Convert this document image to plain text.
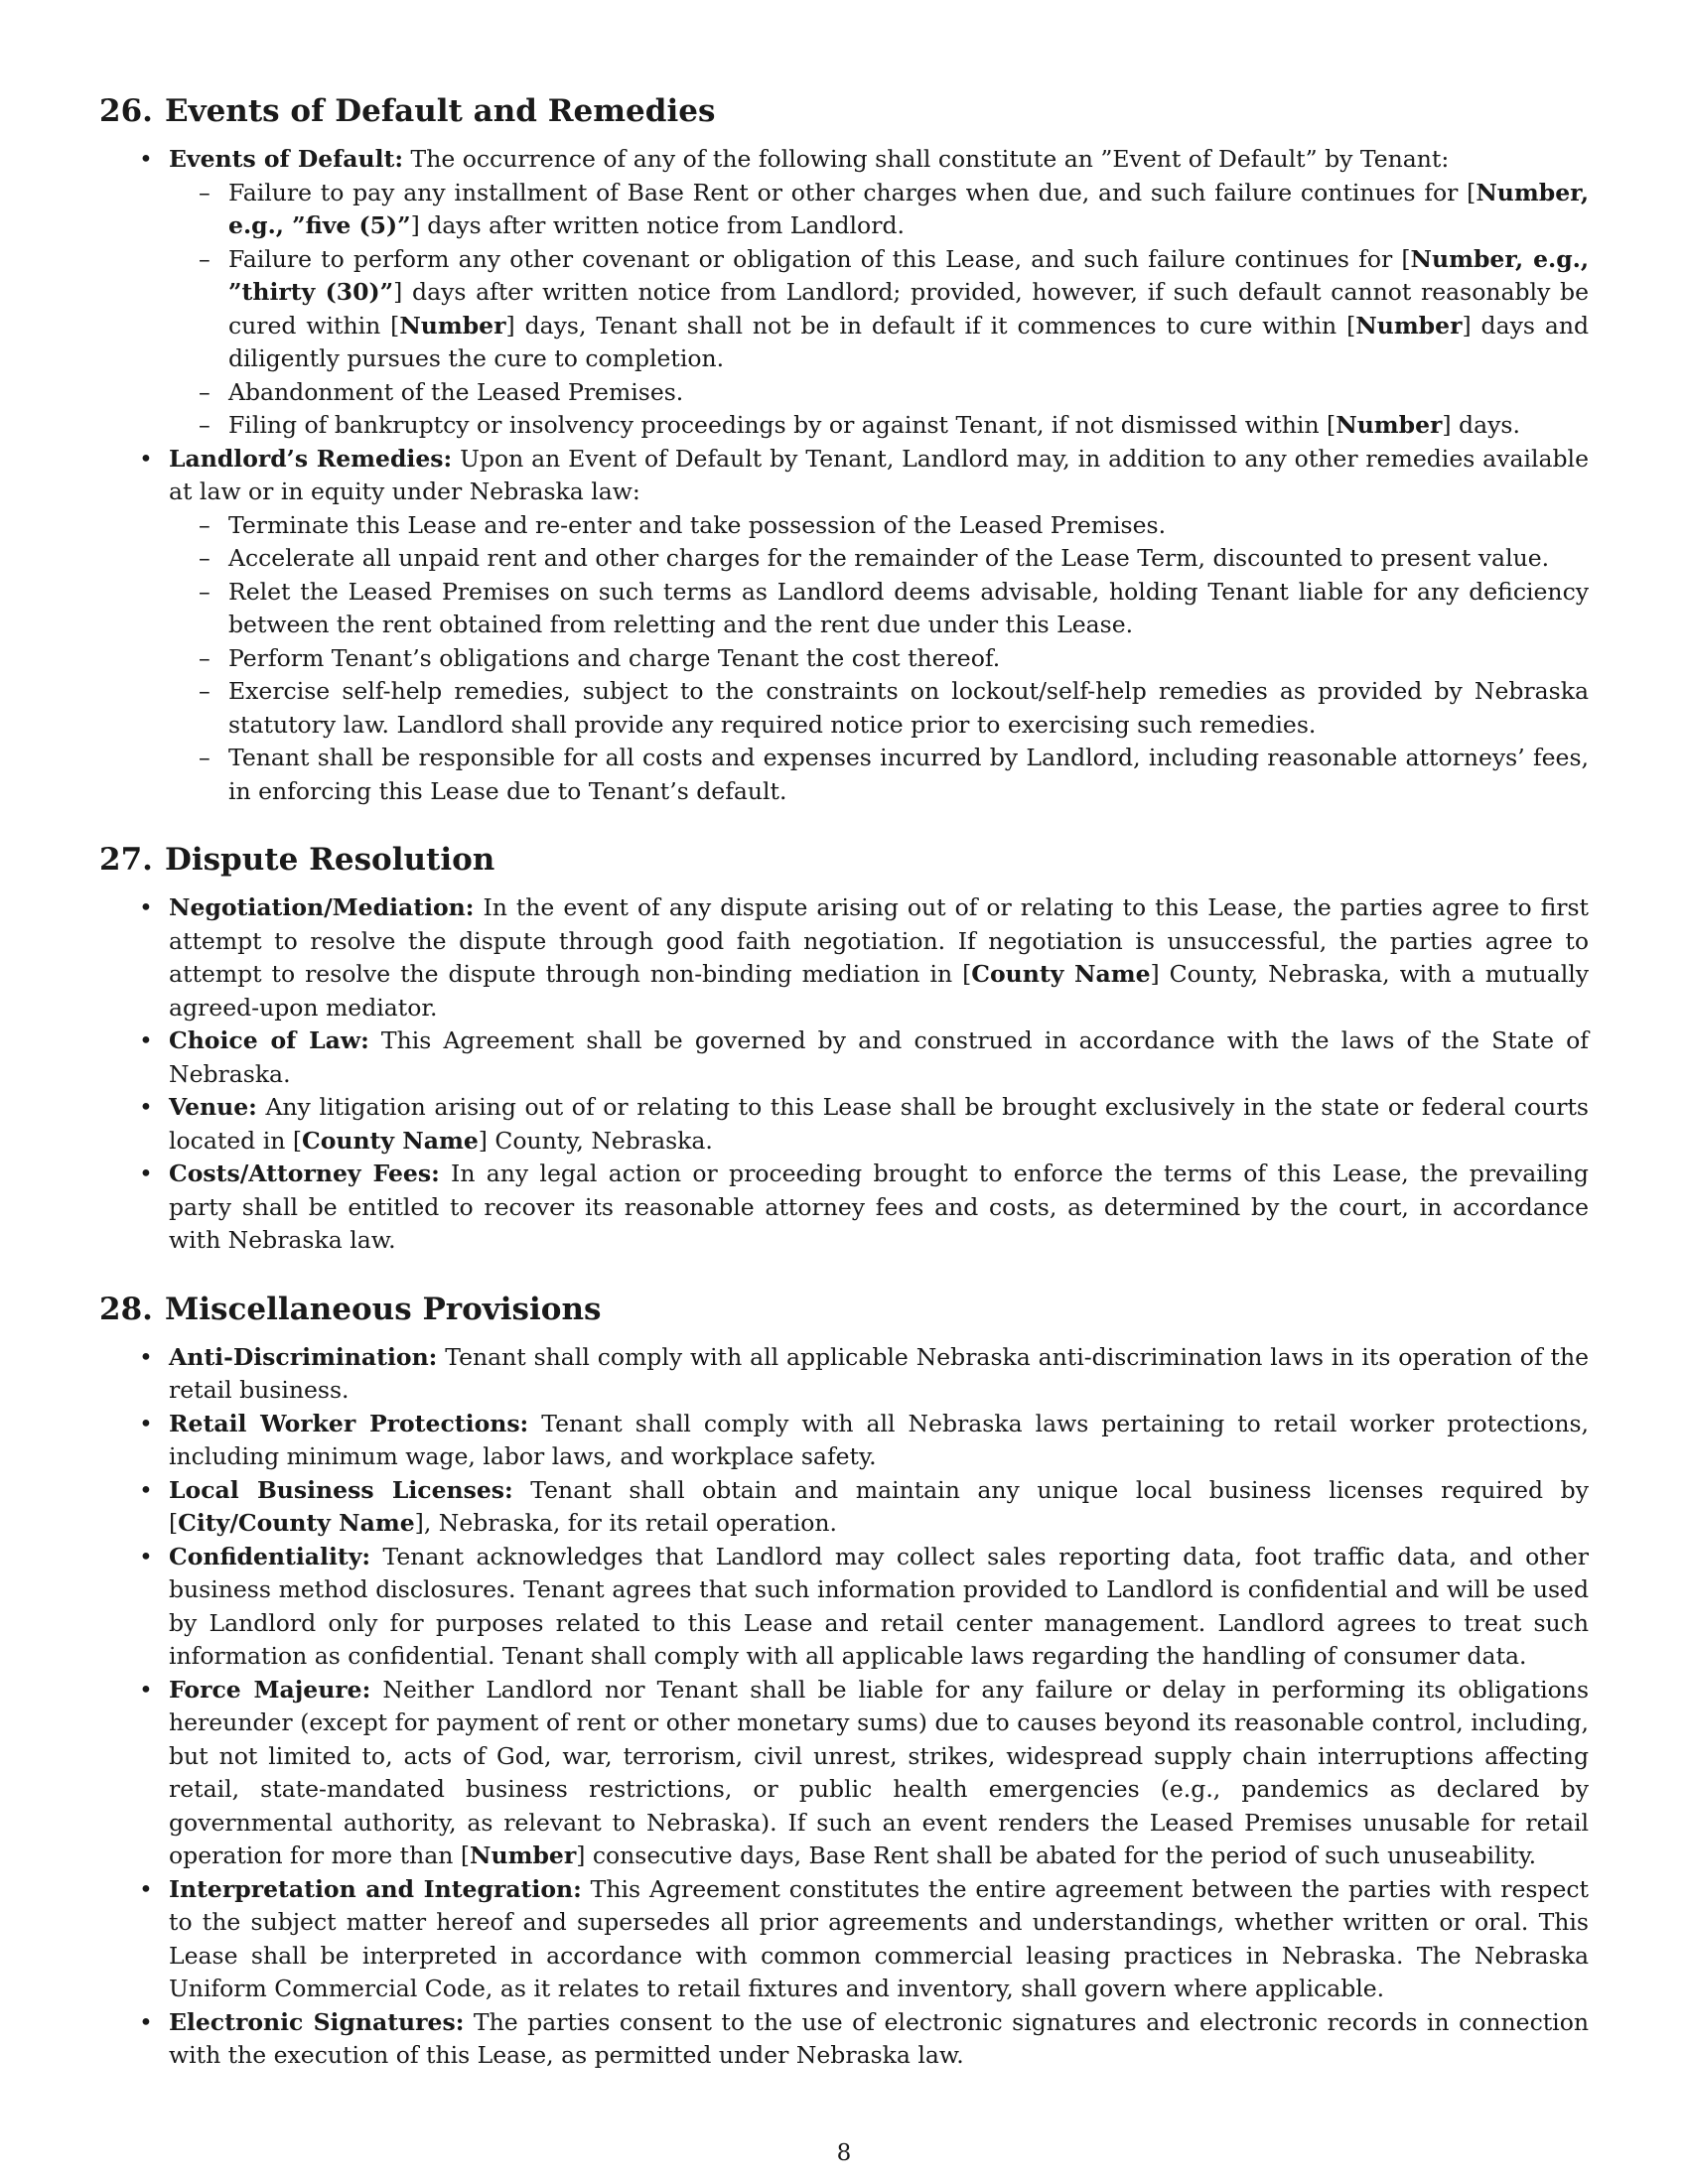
26. Events of Default and Remedies
• Events of Default: The occurrence of any of the following shall constitute an ”Event of Default” by Tenant:
– Failure to pay any installment of Base Rent or other charges when due, and such failure continues for [Number, e.g., ”five (5)”] days after written notice from Landlord.
– Failure to perform any other covenant or obligation of this Lease, and such failure continues for [Number, e.g., ”thirty (30)”] days after written notice from Landlord; provided, however, if such default cannot reasonably be cured within [Number] days, Tenant shall not be in default if it commences to cure within [Number] days and diligently pursues the cure to completion.
– Abandonment of the Leased Premises.
– Filing of bankruptcy or insolvency proceedings by or against Tenant, if not dismissed within [Number] days.
• Landlord’s Remedies: Upon an Event of Default by Tenant, Landlord may, in addition to any other remedies available at law or in equity under Nebraska law:
– Terminate this Lease and re-enter and take possession of the Leased Premises.
– Accelerate all unpaid rent and other charges for the remainder of the Lease Term, discounted to present value.
– Relet the Leased Premises on such terms as Landlord deems advisable, holding Tenant liable for any deficiency between the rent obtained from reletting and the rent due under this Lease.
– Perform Tenant’s obligations and charge Tenant the cost thereof.
– Exercise self-help remedies, subject to the constraints on lockout/self-help remedies as provided by Nebraska statutory law. Landlord shall provide any required notice prior to exercising such remedies.
– Tenant shall be responsible for all costs and expenses incurred by Landlord, including reasonable attorneys’ fees, in enforcing this Lease due to Tenant’s default.
27. Dispute Resolution
• Negotiation/Mediation: In the event of any dispute arising out of or relating to this Lease, the parties agree to first attempt to resolve the dispute through good faith negotiation. If negotiation is unsuccessful, the parties agree to attempt to resolve the dispute through non-binding mediation in [County Name] County, Nebraska, with a mutually agreed-upon mediator.
• Choice of Law: This Agreement shall be governed by and construed in accordance with the laws of the State of Nebraska.
• Venue: Any litigation arising out of or relating to this Lease shall be brought exclusively in the state or federal courts located in [County Name] County, Nebraska.
• Costs/Attorney Fees: In any legal action or proceeding brought to enforce the terms of this Lease, the prevailing party shall be entitled to recover its reasonable attorney fees and costs, as determined by the court, in accordance with Nebraska law.
28. Miscellaneous Provisions
• Anti-Discrimination: Tenant shall comply with all applicable Nebraska anti-discrimination laws in its operation of the retail business.
• Retail Worker Protections: Tenant shall comply with all Nebraska laws pertaining to retail worker protections, including minimum wage, labor laws, and workplace safety.
• Local Business Licenses: Tenant shall obtain and maintain any unique local business licenses required by [City/County Name], Nebraska, for its retail operation.
• Confidentiality: Tenant acknowledges that Landlord may collect sales reporting data, foot traffic data, and other business method disclosures. Tenant agrees that such information provided to Landlord is confidential and will be used by Landlord only for purposes related to this Lease and retail center management. Landlord agrees to treat such information as confidential. Tenant shall comply with all applicable laws regarding the handling of consumer data.
• Force Majeure: Neither Landlord nor Tenant shall be liable for any failure or delay in performing its obligations hereunder (except for payment of rent or other monetary sums) due to causes beyond its reasonable control, including, but not limited to, acts of God, war, terrorism, civil unrest, strikes, widespread supply chain interruptions affecting retail, state-mandated business restrictions, or public health emergencies (e.g., pandemics as declared by governmental authority, as relevant to Nebraska). If such an event renders the Leased Premises unusable for retail operation for more than [Number] consecutive days, Base Rent shall be abated for the period of such unuseability.
• Interpretation and Integration: This Agreement constitutes the entire agreement between the parties with respect to the subject matter hereof and supersedes all prior agreements and understandings, whether written or oral. This Lease shall be interpreted in accordance with common commercial leasing practices in Nebraska. The Nebraska Uniform Commercial Code, as it relates to retail fixtures and inventory, shall govern where applicable.
• Electronic Signatures: The parties consent to the use of electronic signatures and electronic records in connection with the execution of this Lease, as permitted under Nebraska law.
8
